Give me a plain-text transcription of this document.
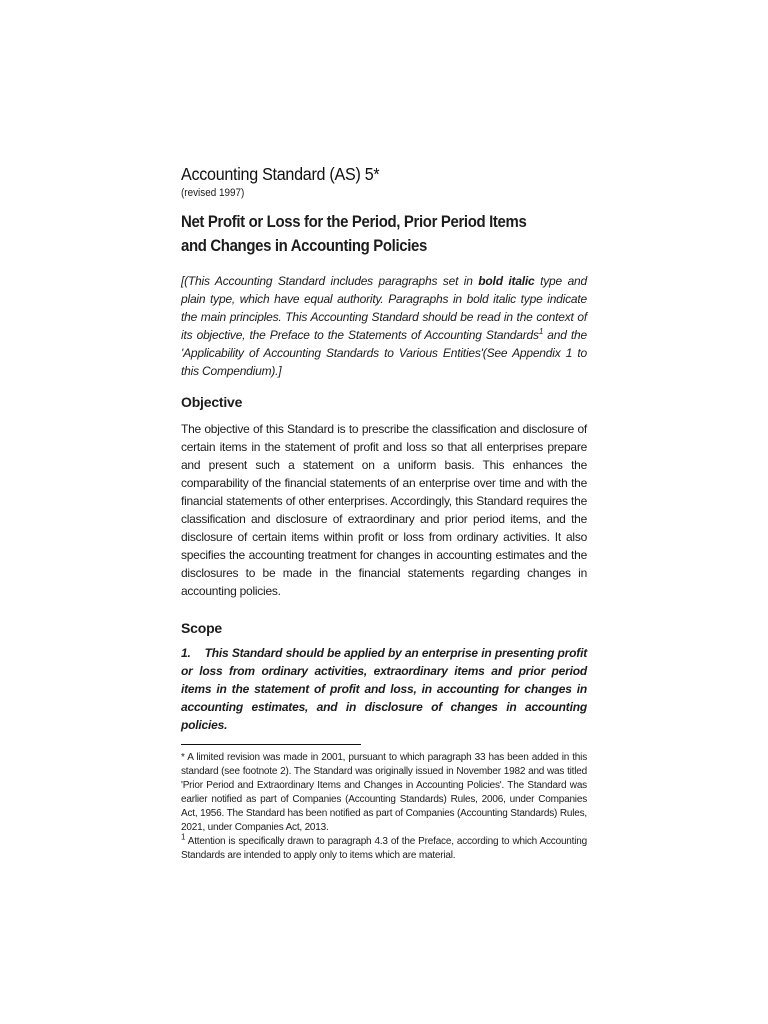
Accounting Standard (AS) 5*

(revised 1997)

Net Profit or Loss for the Period, Prior Period Items
and Changes in Accounting Policies

[(This Accounting Standard includes paragraphs set in bold italic type and plain type, which have equal authority. Paragraphs in bold italic type indicate the main principles. This Accounting Standard should be read in the context of its objective, the Preface to the Statements of Accounting Standards$^1$ and the 'Applicability of Accounting Standards to Various Entities'(See Appendix 1 to this Compendium).]

Objective

The objective of this Standard is to prescribe the classification and disclosure of certain items in the statement of profit and loss so that all enterprises prepare and present such a statement on a uniform basis. This enhances the comparability of the financial statements of an enterprise over time and with the financial statements of other enterprises. Accordingly, this Standard requires the classification and disclosure of extraordinary and prior period items, and the disclosure of certain items within profit or loss from ordinary activities. It also specifies the accounting treatment for changes in accounting estimates and the disclosures to be made in the financial statements regarding changes in accounting policies.

Scope

1. This Standard should be applied by an enterprise in presenting profit or loss from ordinary activities, extraordinary items and prior period items in the statement of profit and loss, in accounting for changes in accounting estimates, and in disclosure of changes in accounting policies.

* A limited revision was made in 2001, pursuant to which paragraph 33 has been added in this standard (see footnote 2). The Standard was originally issued in November 1982 and was titled 'Prior Period and Extraordinary Items and Changes in Accounting Policies'. The Standard was earlier notified as part of Companies (Accounting Standards) Rules, 2006, under Companies Act, 1956. The Standard has been notified as part of Companies (Accounting Standards) Rules, 2021, under Companies Act, 2013.

$^1$ Attention is specifically drawn to paragraph 4.3 of the Preface, according to which Accounting Standards are intended to apply only to items which are material.
